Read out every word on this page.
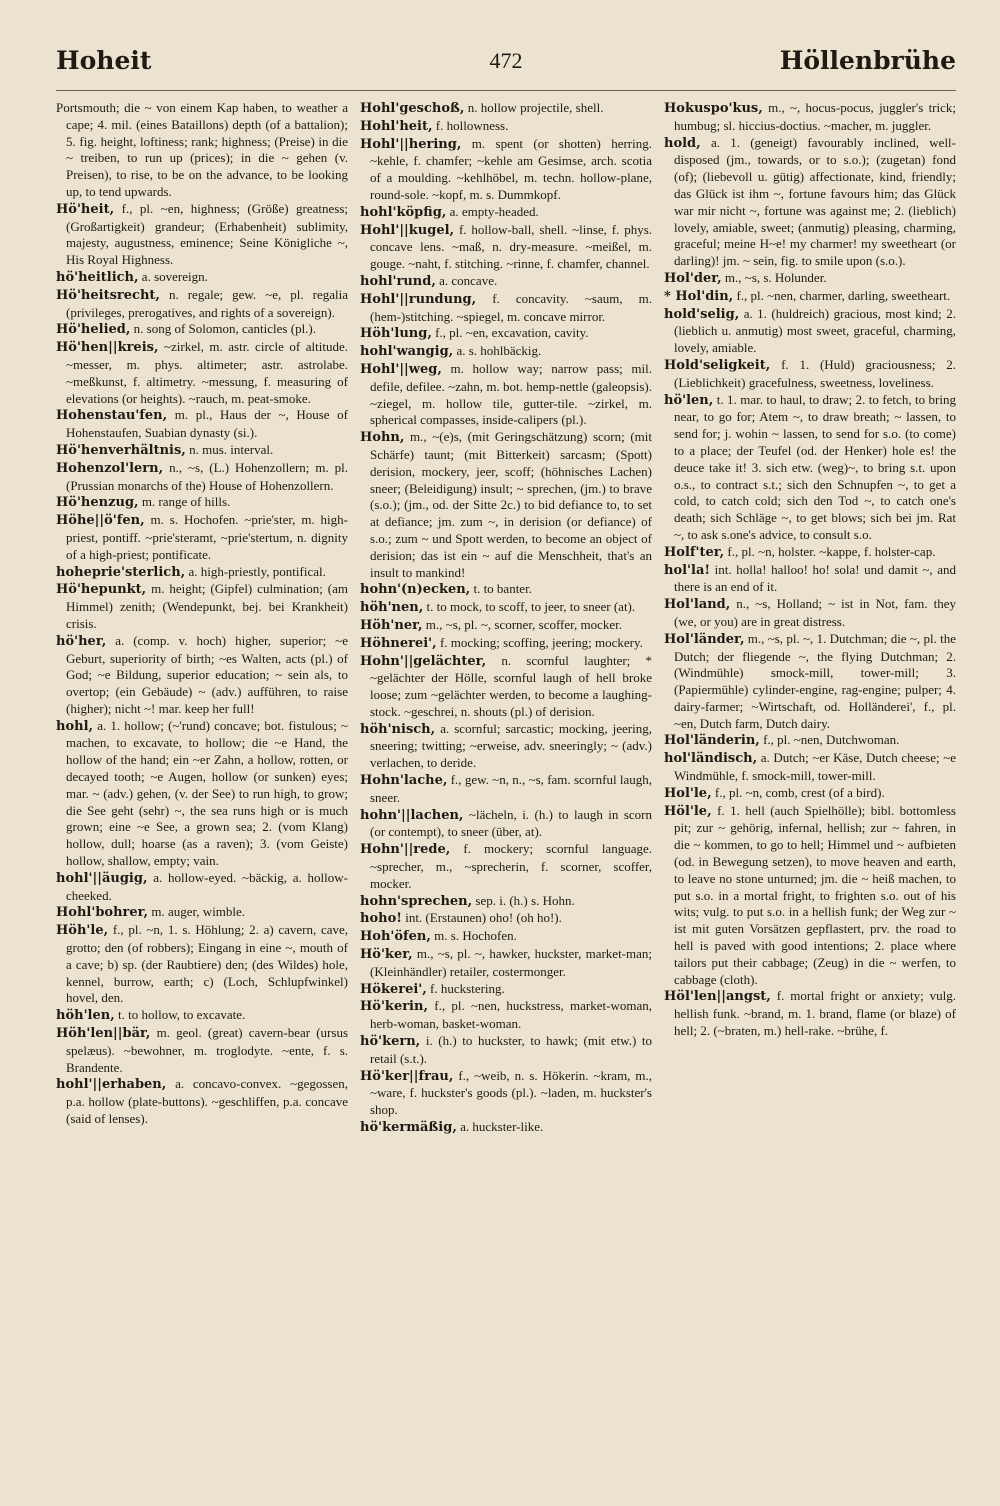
Hoheit	472	Höllenbrühe

Portsmouth; die ~ von einem Kap haben, to weather a cape; 4. mil. (eines Bataillons) depth (of a battalion); 5. fig. height, loftiness; rank; highness; (Preise) in die ~ treiben, to run up (prices); in die ~ gehen (v. Preisen), to rise, to be on the advance, to be looking up, to tend upwards.

Hö'heit, f., pl. ~en, highness; (Größe) greatness; (Großartigkeit) grandeur; (Erhabenheit) sublimity, majesty, augustness, eminence; Seine Königliche ~, His Royal Highness.

hö'heitlich, a. sovereign.

Hö'heitsrecht, n. regale; gew. ~e, pl. regalia (privileges, prerogatives, and rights of a sovereign).

Hö'helied, n. song of Solomon, canticles (pl.).

Hö'hen||kreis, ~zirkel, m. astr. circle of altitude. ~messer, m. phys. altimeter; astr. astrolabe. ~meßkunst, f. altimetry. ~messung, f. measuring of elevations (or heights). ~rauch, m. peat-smoke.

Hohenstau'fen, m. pl., Haus der ~, House of Hohenstaufen, Suabian dynasty (si.).

Hö'henverhältnis, n. mus. interval.

Hohenzol'lern, n., ~s, (L.) Hohenzollern; m. pl. (Prussian monarchs of the) House of Hohenzollern.

Hö'henzug, m. range of hills.

Höhe||ö'fen, m. s. Hochofen. ~prie'ster, m. high-priest, pontiff. ~prie'steramt, ~prie'stertum, n. dignity of a high-priest; pontificate.

hohepriе'sterlich, a. high-priestly, pontifical.

Hö'hepunkt, m. height; (Gipfel) culmination; (am Himmel) zenith; (Wendepunkt, bej. bei Krankheit) crisis.

hö'her, a. (comp. v. hoch) higher, superior; ~e Geburt, superiority of birth; ~es Walten, acts (pl.) of God; ~e Bildung, superior education; ~ sein als, to overtop; (ein Gebäude) ~ (adv.) aufführen, to raise (higher); nicht ~! mar. keep her full!

hohl, a. 1. hollow; (~'rund) concave; bot. fistulous; ~ machen, to excavate, to hollow; die ~e Hand, the hollow of the hand; ein ~er Zahn, a hollow, rotten, or decayed tooth; ~e Augen, hollow (or sunken) eyes; mar. ~ (adv.) gehen, (v. der See) to run high, to grow; die See geht (sehr) ~, the sea runs high or is much grown; eine ~e See, a grown sea; 2. (vom Klang) hollow, dull; hoarse (as a raven); 3. (vom Geiste) hollow, shallow, empty; vain.

hohl'||äugig, a. hollow-eyed. ~bäckig, a. hollow-cheeked.

Hohl'bohrer, m. auger, wimble.

Höh'le, f., pl. ~n, 1. s. Höhlung; 2. a) cavern, cave, grotto; den (of robbers); Eingang in eine ~, mouth of a cave; b) sp. (der Raubtiere) den; (des Wildes) hole, kennel, burrow, earth; c) (Loch, Schlupfwinkel) hovel, den.

höh'len, t. to hollow, to excavate.

Höh'len||bär, m. geol. (great) cavern-bear (ursus spelæus). ~bewohner, m. troglodyte. ~ente, f. s. Brandente.

hohl'||erhaben, a. concavo-convex. ~gegossen, p.a. hollow (plate-buttons). ~geschliffen, p.a. concave (said of lenses).

Hohl'geschoß, n. hollow projectile, shell.

Hohl'heit, f. hollowness.

Hohl'||hering, m. spent (or shotten) herring. ~kehle, f. chamfer; ~kehle am Gesimse, arch. scotia of a moulding. ~kehlhöbel, m. techn. hollow-plane, round-sole. ~kopf, m. s. Dummkopf.

hohl'köpfig, a. empty-headed.

Hohl'||kugel, f. hollow-ball, shell. ~linse, f. phys. concave lens. ~maß, n. dry-measure. ~meißel, m. gouge. ~naht, f. stitching. ~rinne, f. chamfer, channel.

hohl'rund, a. concave.

Hohl'||rundung, f. concavity. ~saum, m. (hem-)stitching. ~spiegel, m. concave mirror.

Höh'lung, f., pl. ~en, excavation, cavity.

hohl'wangig, a. s. hohlbäckig.

Hohl'||weg, m. hollow way; narrow pass; mil. defile, defilee. ~zahn, m. bot. hemp-nettle (galeopsis). ~ziegel, m. hollow tile, gutter-tile. ~zirkel, m. spherical compasses, inside-calipers (pl.).

Hohn, m., ~(e)s, (mit Geringschätzung) scorn; (mit Schärfe) taunt; (mit Bitterkeit) sarcasm; (Spott) derision, mockery, jeer, scoff; (höhnisches Lachen) sneer; (Beleidigung) insult; ~ sprechen, (jm.) to brave (s.o.); (jm., od. der Sitte 2c.) to bid defiance to, to set at defiance; jm. zum ~, in derision (or defiance) of s.o.; zum ~ und Spott werden, to become an object of derision; das ist ein ~ auf die Menschheit, that's an insult to mankind!

hohn'(n)ecken, t. to banter.

höh'nen, t. to mock, to scoff, to jeer, to sneer (at).

Höh'ner, m., ~s, pl. ~, scorner, scoffer, mocker.

Höhnerei', f. mocking; scoffing, jeering; mockery.

Hohn'||gelächter, n. scornful laughter; * ~gelächter der Hölle, scornful laugh of hell broke loose; zum ~gelächter werden, to become a laughing-stock. ~geschrei, n. shouts (pl.) of derision.

höh'nisch, a. scornful; sarcastic; mocking, jeering, sneering; twitting; ~erweise, adv. sneeringly; ~ (adv.) verlachen, to deride.

Hohn'lache, f., gew. ~n, n., ~s, fam. scornful laugh, sneer.

hohn'||lachen, ~lächeln, i. (h.) to laugh in scorn (or contempt), to sneer (über, at).

Hohn'||rede, f. mockery; scornful language. ~sprecher, m., ~sprecherin, f. scorner, scoffer, mocker.

hohn'sprechen, sep. i. (h.) s. Hohn.

hoho! int. (Erstaunen) oho! (oh ho!).

Hoh'öfen, m. s. Hochofen.

Hö'ker, m., ~s, pl. ~, hawker, huckster, market-man; (Kleinhändler) retailer, costermonger.

Hökerei', f. huckstering.

Hö'kerin, f., pl. ~nen, huckstress, market-woman, herb-woman, basket-woman.

hö'kern, i. (h.) to huckster, to hawk; (mit etw.) to retail (s.t.).

Hö'ker||frau, f., ~weib, n. s. Hökerin. ~kram, m., ~ware, f. huckster's goods (pl.). ~laden, m. huckster's shop.

hö'kermäßig, a. huckster-like.

Hokuspo'kus, m., ~, hocus-pocus, juggler's trick; humbug; sl. hiccius-doctius. ~macher, m. juggler.

hold, a. 1. (geneigt) favourably inclined, well-disposed (jm., towards, or to s.o.); (zugetan) fond (of); (liebevoll u. gütig) affectionate, kind, friendly; das Glück ist ihm ~, fortune favours him; das Glück war mir nicht ~, fortune was against me; 2. (lieblich) lovely, amiable, sweet; (anmutig) pleasing, charming, graceful; meine H~e! my charmer! my sweetheart (or darling)! jm. ~ sein, fig. to smile upon (s.o.).

Hol'der, m., ~s, s. Holunder.

* Hol'din, f., pl. ~nen, charmer, darling, sweetheart.

hold'selig, a. 1. (huldreich) gracious, most kind; 2. (lieblich u. anmutig) most sweet, graceful, charming, lovely, amiable.

Hold'seligkeit, f. 1. (Huld) graciousness; 2. (Lieblichkeit) gracefulness, sweetness, loveliness.

hö'len, t. 1. mar. to haul, to draw; 2. to fetch, to bring near, to go for; Atem ~, to draw breath; ~ lassen, to send for; j. wohin ~ lassen, to send for s.o. (to come) to a place; der Teufel (od. der Henker) hole es! the deuce take it! 3. sich etw. (weg)~, to bring s.t. upon o.s., to contract s.t.; sich den Schnupfen ~, to get a cold, to catch cold; sich den Tod ~, to catch one's death; sich Schläge ~, to get blows; sich bei jm. Rat ~, to ask s.one's advice, to consult s.o.

Holf'ter, f., pl. ~n, holster. ~kappe, f. holster-cap.

hol'la! int. holla! halloo! ho! sola! und damit ~, and there is an end of it.

Hol'land, n., ~s, Holland; ~ ist in Not, fam. they (we, or you) are in great distress.

Hol'länder, m., ~s, pl. ~, 1. Dutchman; die ~, pl. the Dutch; der fliegende ~, the flying Dutchman; 2. (Windmühle) smock-mill, tower-mill; 3. (Papiermühle) cylinder-engine, rag-engine; pulper; 4. dairy-farmer; ~Wirtschaft, od. Holländerei', f., pl. ~en, Dutch farm, Dutch dairy.

Hol'länderin, f., pl. ~nen, Dutchwoman.

hol'ländisch, a. Dutch; ~er Käse, Dutch cheese; ~e Windmühle, f. smock-mill, tower-mill.

Hol'le, f., pl. ~n, comb, crest (of a bird).

Höl'le, f. 1. hell (auch Spielhölle); bibl. bottomless pit; zur ~ gehörig, infernal, hellish; zur ~ fahren, in die ~ kommen, to go to hell; Himmel und ~ aufbieten (od. in Bewegung setzen), to move heaven and earth, to leave no stone unturned; jm. die ~ heiß machen, to put s.o. in a mortal fright, to frighten s.o. out of his wits; vulg. to put s.o. in a hellish funk; der Weg zur ~ ist mit guten Vorsätzen gepflastert, prv. the road to hell is paved with good intentions; 2. place where tailors put their cabbage; (Zeug) in die ~ werfen, to cabbage (cloth).

Höl'len||angst, f. mortal fright or anxiety; vulg. hellish funk. ~brand, m. 1. brand, flame (or blaze) of hell; 2. (~braten, m.) hell-rake. ~brühe, f.
